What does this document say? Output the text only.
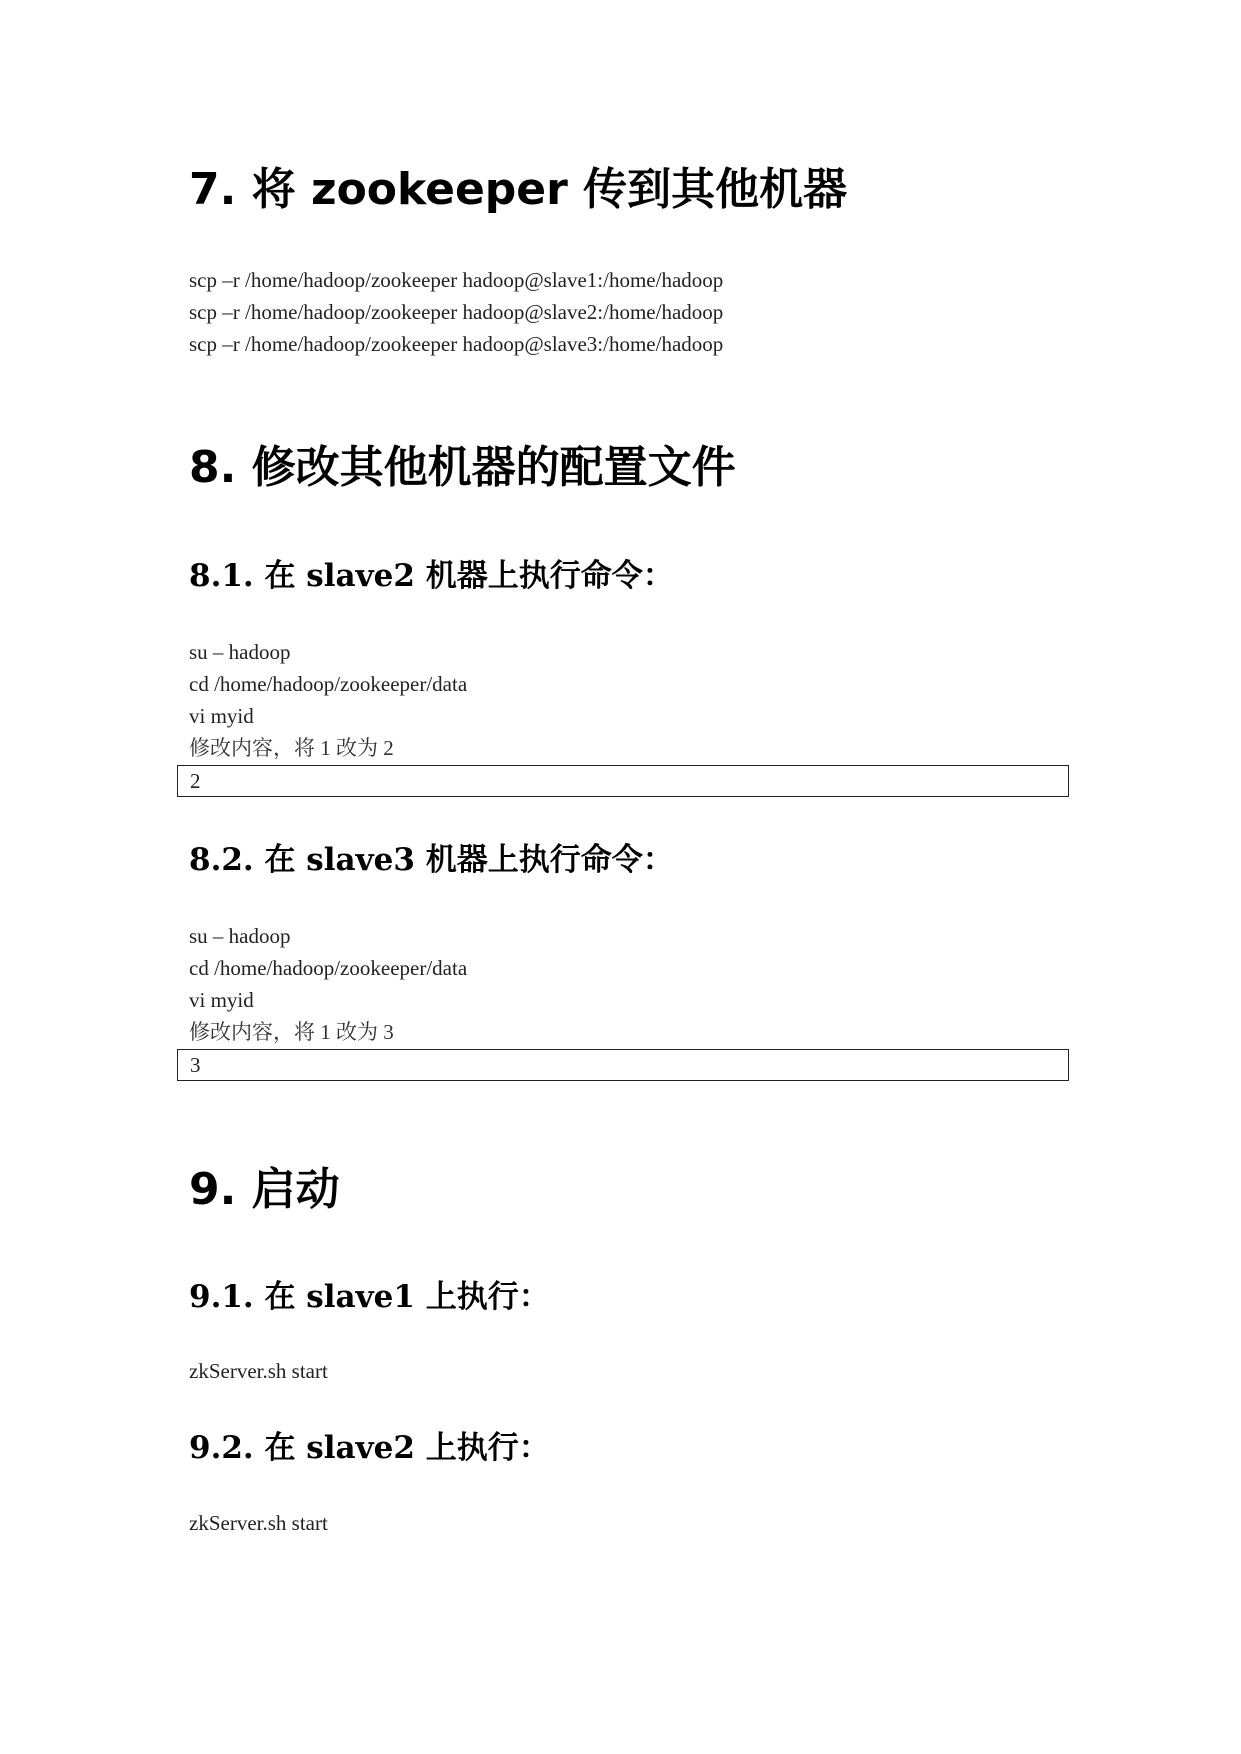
7. 将 zookeeper 传到其他机器
scp –r /home/hadoop/zookeeper hadoop@slave1:/home/hadoop
scp –r /home/hadoop/zookeeper hadoop@slave2:/home/hadoop
scp –r /home/hadoop/zookeeper hadoop@slave3:/home/hadoop
8. 修改其他机器的配置文件
8.1. 在 slave2 机器上执行命令：
su – hadoop
cd /home/hadoop/zookeeper/data
vi myid
修改内容，将 1 改为 2
2
8.2. 在 slave3 机器上执行命令：
su – hadoop
cd /home/hadoop/zookeeper/data
vi myid
修改内容，将 1 改为 3
3
9. 启动
9.1. 在 slave1 上执行：
zkServer.sh start
9.2. 在 slave2 上执行：
zkServer.sh start
